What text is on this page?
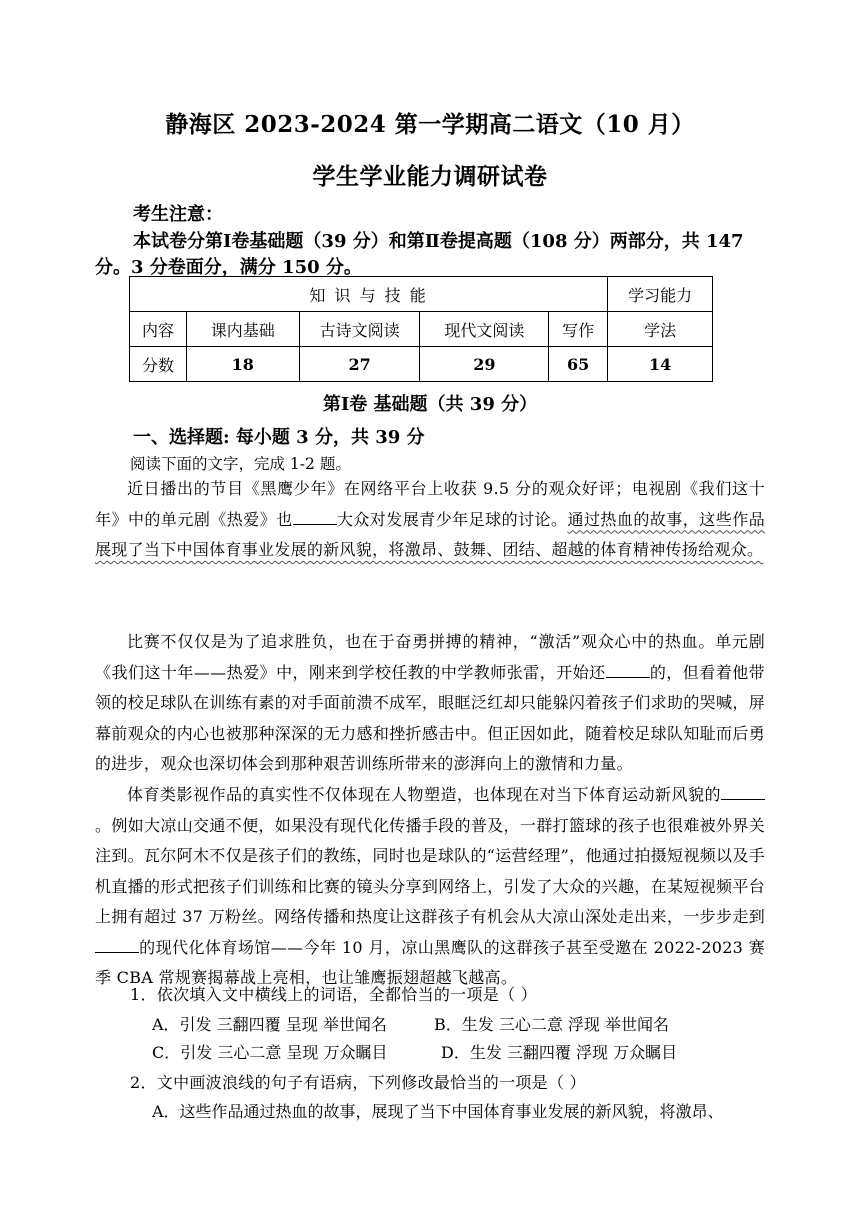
静海区 2023-2024 第一学期高二语文（10 月）
学生学业能力调研试卷
考生注意：
本试卷分第Ⅰ卷基础题（39 分）和第Ⅱ卷提高题（108 分）两部分，共 147
分。3 分卷面分，满分 150 分。
知 识 与 技 能					学习能力
内容	课内基础	古诗文阅读	现代文阅读	写作	学法
分数	18	27	29	65	14
第Ⅰ卷 基础题（共 39 分）
一、选择题: 每小题 3 分，共 39 分
阅读下面的文字，完成 1-2 题。
近日播出的节目《黑鹰少年》在网络平台上收获 9.5 分的观众好评；电视剧《我们这十年》中的单元剧《热爱》也	大众对发展青少年足球的讨论。通过热血的故事，这些作品展现了当下中国体育事业发展的新风貌，将激昂、鼓舞、团结、超越的体育精神传扬给观众。
比赛不仅仅是为了追求胜负，也在于奋勇拼搏的精神，“激活”观众心中的热血。单元剧《我们这十年——热爱》中，刚来到学校任教的中学教师张雷，开始还	的，但看着他带领的校足球队在训练有素的对手面前溃不成军，眼眶泛红却只能躲闪着孩子们求助的哭喊，屏幕前观众的内心也被那种深深的无力感和挫折感击中。但正因如此，随着校足球队知耻而后勇的进步，观众也深切体会到那种艰苦训练所带来的澎湃向上的激情和力量。
体育类影视作品的真实性不仅体现在人物塑造，也体现在对当下体育运动新风貌的。例如大凉山交通不便，如果没有现代化传播手段的普及，一群打篮球的孩子也很难被外界关注到。瓦尔阿木不仅是孩子们的教练，同时也是球队的“运营经理”，他通过拍摄短视频以及手机直播的形式把孩子们训练和比赛的镜头分享到网络上，引发了大众的兴趣，在某短视频平台上拥有超过 37 万粉丝。网络传播和热度让这群孩子有机会从大凉山深处走出来，一步步走到的现代化体育场馆——今年 10 月，凉山黑鹰队的这群孩子甚至受邀在 2022-2023 赛季 CBA 常规赛揭幕战上亮相，也让雏鹰振翅超越飞越高。
1．依次填入文中横线上的词语，全都恰当的一项是（ ）
A．引发 三翻四覆 呈现 举世闻名	B．生发 三心二意 浮现 举世闻名
C．引发 三心二意 呈现 万众瞩目	D．生发 三翻四覆 浮现 万众瞩目
2．文中画波浪线的句子有语病，下列修改最恰当的一项是（ ）
A．这些作品通过热血的故事，展现了当下中国体育事业发展的新风貌，将激昂、
